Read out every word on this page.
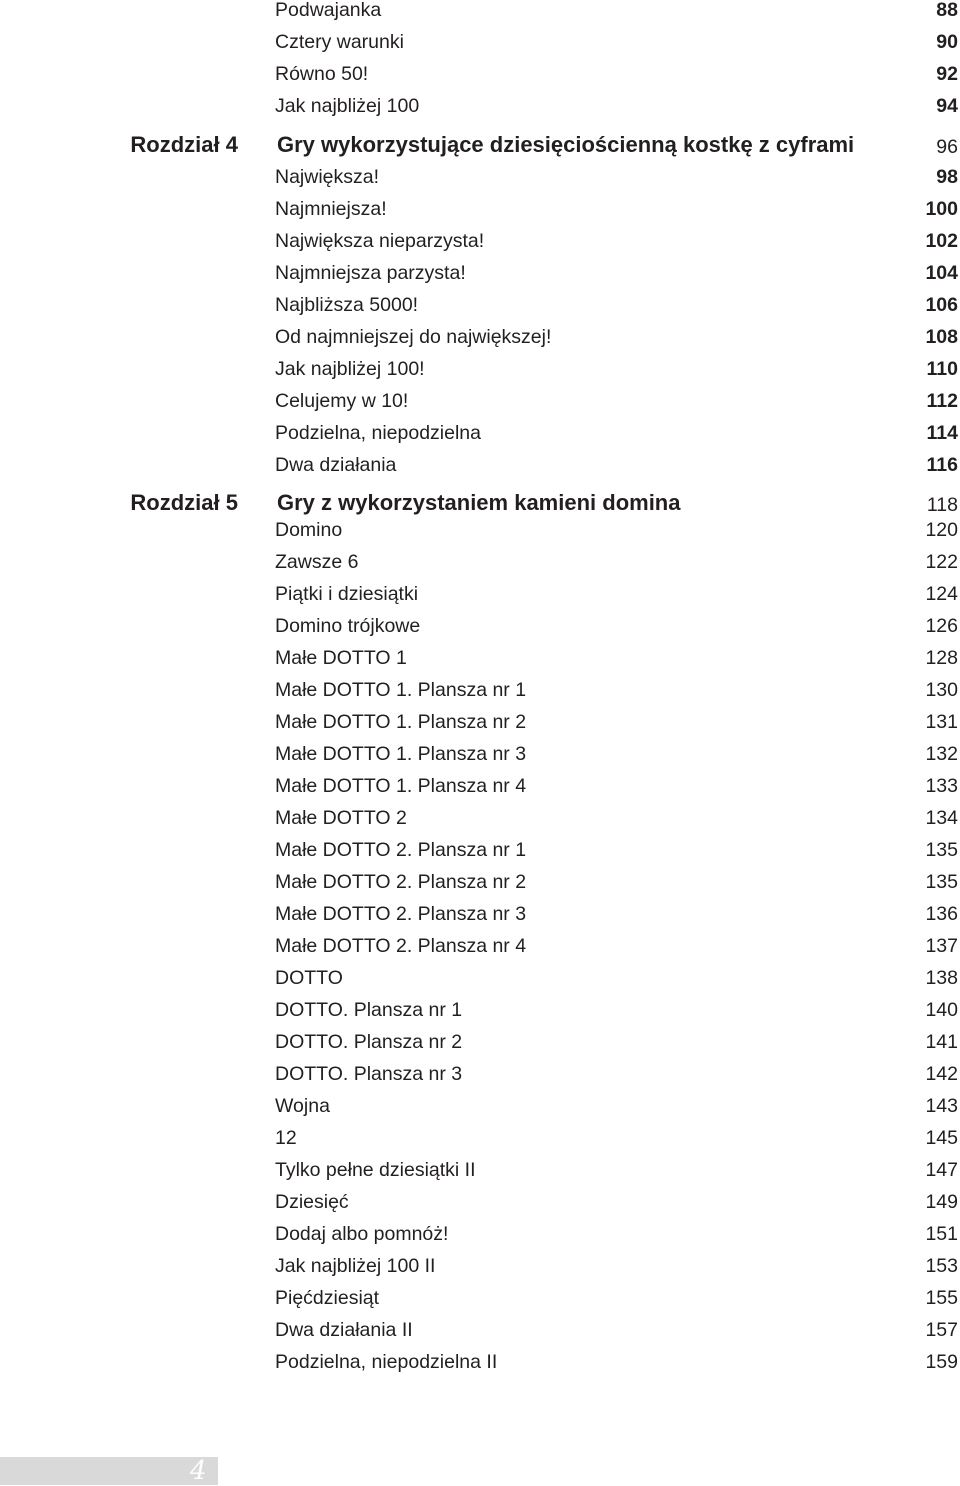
Podwajanka	88
Cztery warunki	90
Równo 50!	92
Jak najbliżej 100	94
Rozdział 4 Gry wykorzystujące dziesięciościenną kostkę z cyframi	96
Największa!	98
Najmniejsza!	100
Największa nieparzysta!	102
Najmniejsza parzysta!	104
Najbliższa 5000!	106
Od najmniejszej do największej!	108
Jak najbliżej 100!	110
Celujemy w 10!	112
Podzielna, niepodzielna	114
Dwa działania	116
Rozdział 5 Gry z wykorzystaniem kamieni domina	118
Domino	120
Zawsze 6	122
Piątki i dziesiątki	124
Domino trójkowe	126
Małe DOTTO 1	128
Małe DOTTO 1. Plansza nr 1	130
Małe DOTTO 1. Plansza nr 2	131
Małe DOTTO 1. Plansza nr 3	132
Małe DOTTO 1. Plansza nr 4	133
Małe DOTTO 2	134
Małe DOTTO 2. Plansza nr 1	135
Małe DOTTO 2. Plansza nr 2	135
Małe DOTTO 2. Plansza nr 3	136
Małe DOTTO 2. Plansza nr 4	137
DOTTO	138
DOTTO. Plansza nr 1	140
DOTTO. Plansza nr 2	141
DOTTO. Plansza nr 3	142
Wojna	143
12	145
Tylko pełne dziesiątki II	147
Dziesięć	149
Dodaj albo pomnóż!	151
Jak najbliżej 100 II	153
Pięćdziesiąt	155
Dwa działania II	157
Podzielna, niepodzielna II	159
4
